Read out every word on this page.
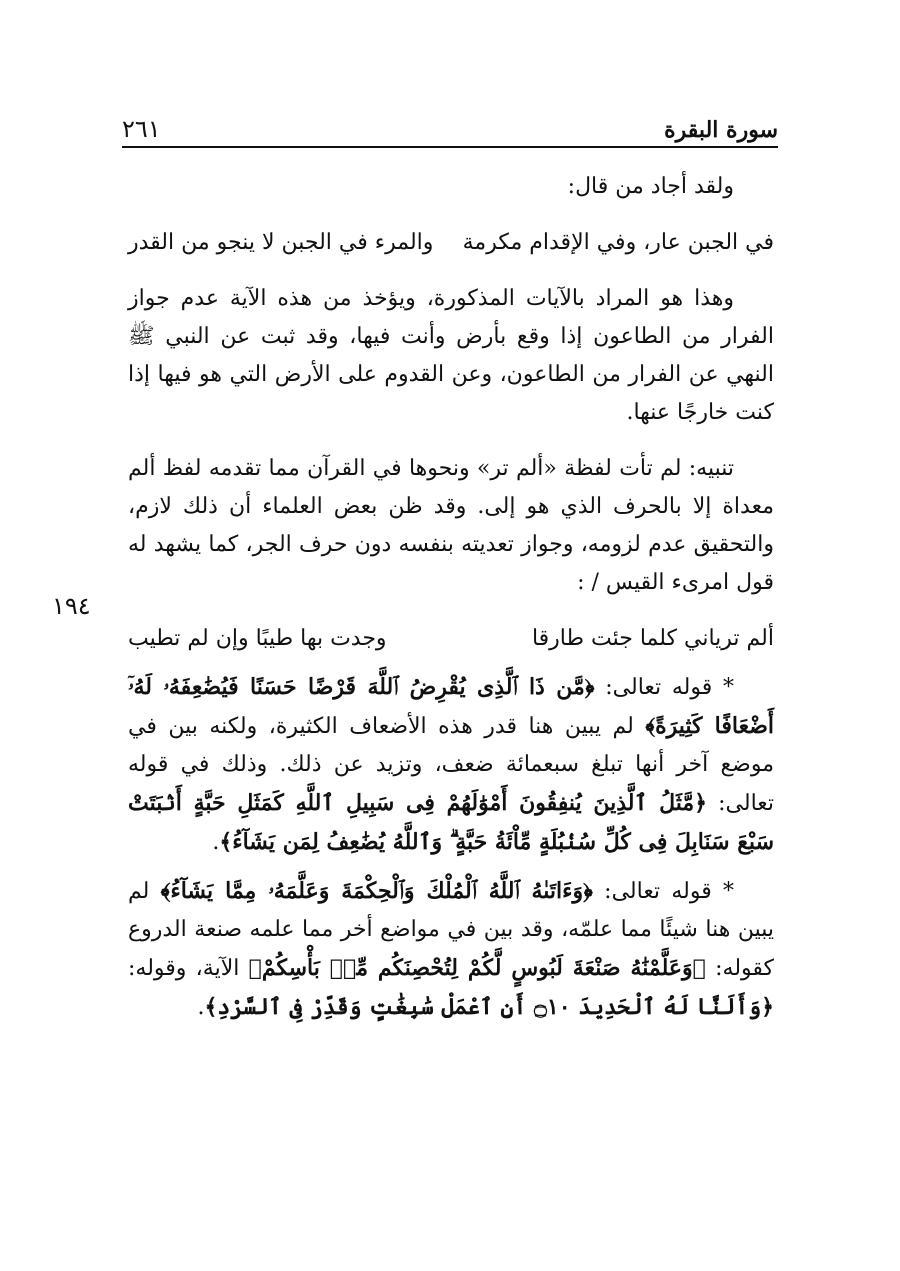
سورة البقرة
٢٦١
١٩٤

ولقد أجاد من قال:

في الجبن عار، وفي الإقدام مكرمة
والمرء في الجبن لا ينجو من القدر

وهذا هو المراد بالآيات المذكورة، ويؤخذ من هذه الآية عدم جواز الفرار من الطاعون إذا وقع بأرض وأنت فيها، وقد ثبت عن النبي ﷺ النهي عن الفرار من الطاعون، وعن القدوم على الأرض التي هو فيها إذا كنت خارجًا عنها.

تنبيه: لم تأت لفظة «ألم تر» ونحوها في القرآن مما تقدمه لفظ ألم معداة إلا بالحرف الذي هو إلى. وقد ظن بعض العلماء أن ذلك لازم، والتحقيق عدم لزومه، وجواز تعديته بنفسه دون حرف الجر، كما يشهد له قول امرىء القيس / :

ألم ترياني كلما جئت طارقا
وجدت بها طيبًا وإن لم تطيب

* قوله تعالى: ﴿مَّن ذَا ٱلَّذِى يُقْرِضُ ٱللَّهَ قَرْضًا حَسَنًا فَيُضَٰعِفَهُۥ لَهُۥٓ أَضْعَافًا كَثِيرَةً﴾ لم يبين هنا قدر هذه الأضعاف الكثيرة، ولكنه بين في موضع آخر أنها تبلغ سبعمائة ضعف، وتزيد عن ذلك. وذلك في قوله تعالى: ﴿مَّثَلُ ٱلَّذِينَ يُنفِقُونَ أَمْوَٰلَهُمْ فِى سَبِيلِ ٱللَّهِ كَمَثَلِ حَبَّةٍ أَنۢبَتَتْ سَبْعَ سَنَابِلَ فِى كُلِّ سُنۢبُلَةٍ مِّاْئَةُ حَبَّةٍ ۗ وَٱللَّهُ يُضَٰعِفُ لِمَن يَشَآءُ﴾.

* قوله تعالى: ﴿وَءَاتَىٰهُ ٱللَّهُ ٱلْمُلْكَ وَٱلْحِكْمَةَ وَعَلَّمَهُۥ مِمَّا يَشَآءُ﴾ لم يبين هنا شيئًا مما علمّه، وقد بين في مواضع أخر مما علمه صنعة الدروع كقوله: ﴿وَعَلَّمْنَٰهُ صَنْعَةَ لَبُوسٍ لَّكُمْ لِتُحْصِنَكُم مِّنۢ بَأْسِكُمْ﴾ الآية، وقوله: ﴿وَأَلَنَّا لَهُ ٱلْحَدِيدَ ۝١٠ أَنِ ٱعْمَلْ سَٰبِغَٰتٍ وَقَدِّرْ فِى ٱلسَّرْدِ﴾.
